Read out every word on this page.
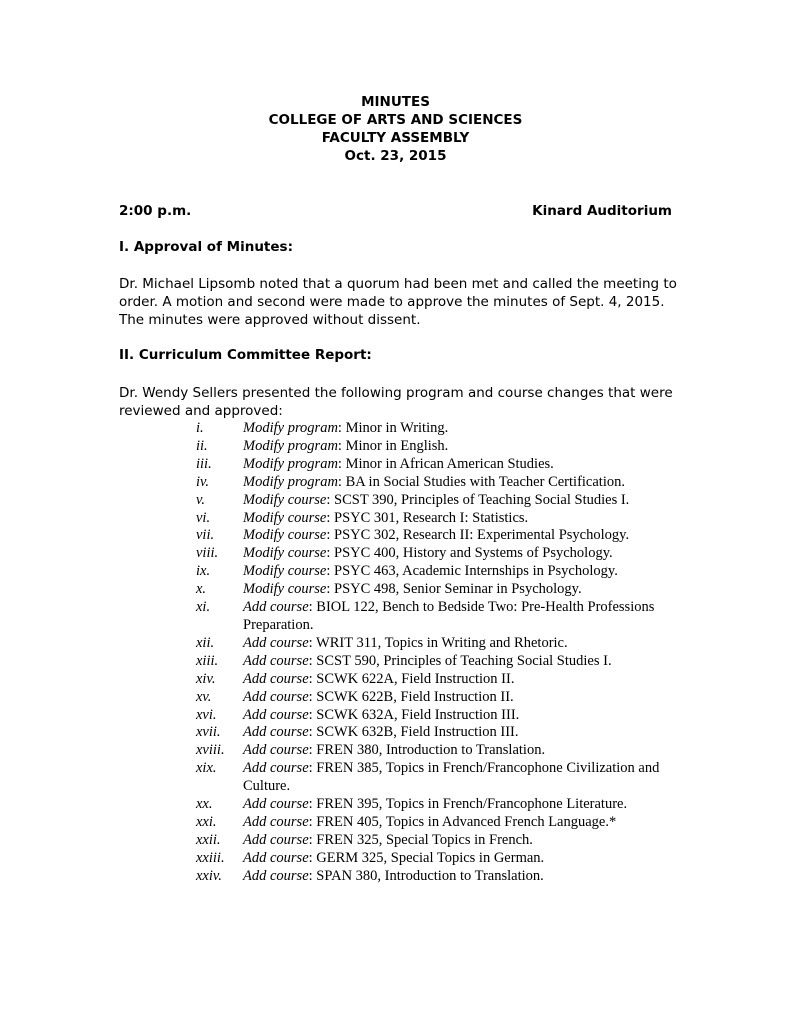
MINUTES
COLLEGE OF ARTS AND SCIENCES
FACULTY ASSEMBLY
Oct. 23, 2015
2:00 p.m.	Kinard Auditorium
I. Approval of Minutes:
Dr. Michael Lipsomb noted that a quorum had been met and called the meeting to order. A motion and second were made to approve the minutes of Sept. 4, 2015. The minutes were approved without dissent.
II. Curriculum Committee Report:
Dr. Wendy Sellers presented the following program and course changes that were reviewed and approved:
i.	Modify program: Minor in Writing.
ii.	Modify program: Minor in English.
iii.	Modify program: Minor in African American Studies.
iv.	Modify program: BA in Social Studies with Teacher Certification.
v.	Modify course: SCST 390, Principles of Teaching Social Studies I.
vi.	Modify course: PSYC 301, Research I: Statistics.
vii.	Modify course: PSYC 302, Research II: Experimental Psychology.
viii.	Modify course: PSYC 400, History and Systems of Psychology.
ix.	Modify course: PSYC 463, Academic Internships in Psychology.
x.	Modify course: PSYC 498, Senior Seminar in Psychology.
xi.	Add course: BIOL 122, Bench to Bedside Two: Pre-Health Professions Preparation.
xii.	Add course: WRIT 311, Topics in Writing and Rhetoric.
xiii.	Add course: SCST 590, Principles of Teaching Social Studies I.
xiv.	Add course: SCWK 622A, Field Instruction II.
xv.	Add course: SCWK 622B, Field Instruction II.
xvi.	Add course: SCWK 632A, Field Instruction III.
xvii.	Add course: SCWK 632B, Field Instruction III.
xviii.	Add course: FREN 380, Introduction to Translation.
xix.	Add course: FREN 385, Topics in French/Francophone Civilization and Culture.
xx.	Add course: FREN 395, Topics in French/Francophone Literature.
xxi.	Add course: FREN 405, Topics in Advanced French Language.*
xxii.	Add course: FREN 325, Special Topics in French.
xxiii.	Add course: GERM 325, Special Topics in German.
xxiv.	Add course: SPAN 380, Introduction to Translation.
